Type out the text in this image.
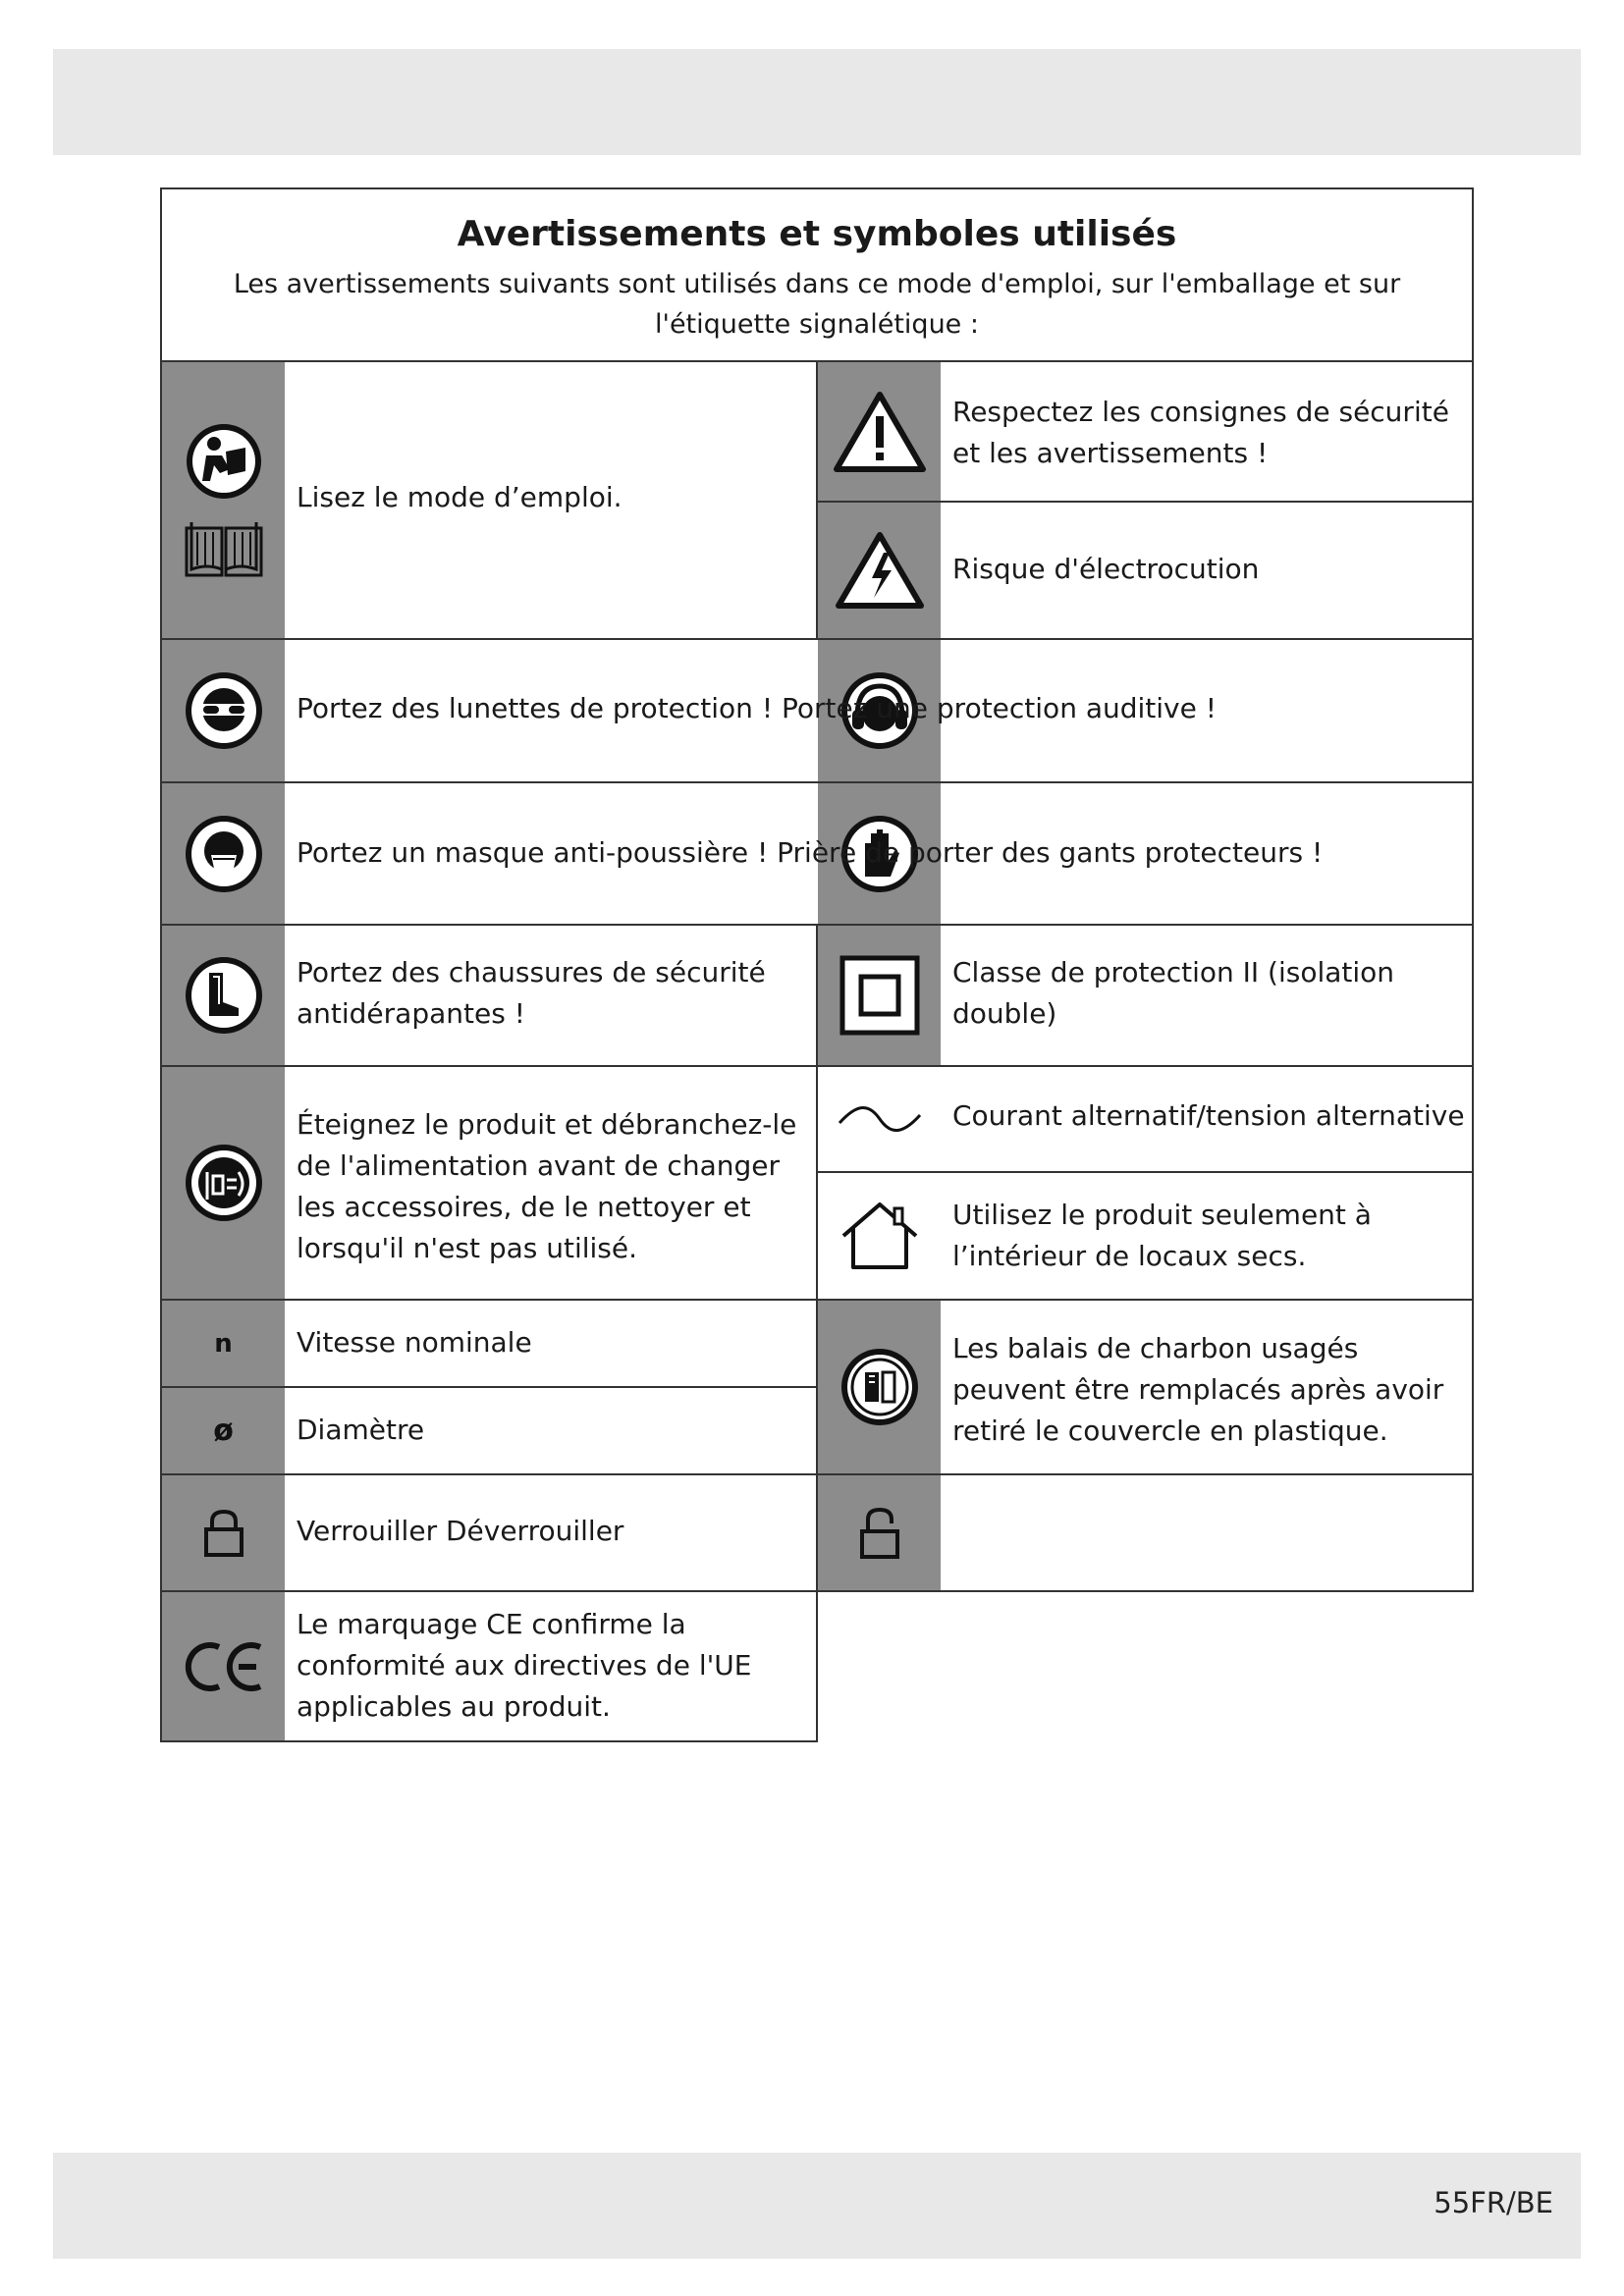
Avertissements et symboles utilisés
Les avertissements suivants sont utilisés dans ce mode d'emploi, sur l'emballage et sur l'étiquette signalétique :
Lisez le mode d’emploi.
Respectez les consignes de sécurité et les avertissements !
Risque d'électrocution
Portez des lunettes de protection ! Portez une protection auditive !
Portez un masque anti-poussière ! Prière de porter des gants protecteurs !
Portez des chaussures de sécurité antidérapantes !
Classe de protection II (isolation double)
Éteignez le produit et débranchez-le de l'alimentation avant de changer les accessoires, de le nettoyer et lorsqu'il n'est pas utilisé.
Courant alternatif/tension alternative
Utilisez le produit seulement à l’intérieur de locaux secs.
n	Vitesse nominale
ø	Diamètre
Les balais de charbon usagés peuvent être remplacés après avoir retiré le couvercle en plastique.
Verrouiller Déverrouiller
Le marquage CE confirme la conformité aux directives de l'UE applicables au produit.
55FR/BE
